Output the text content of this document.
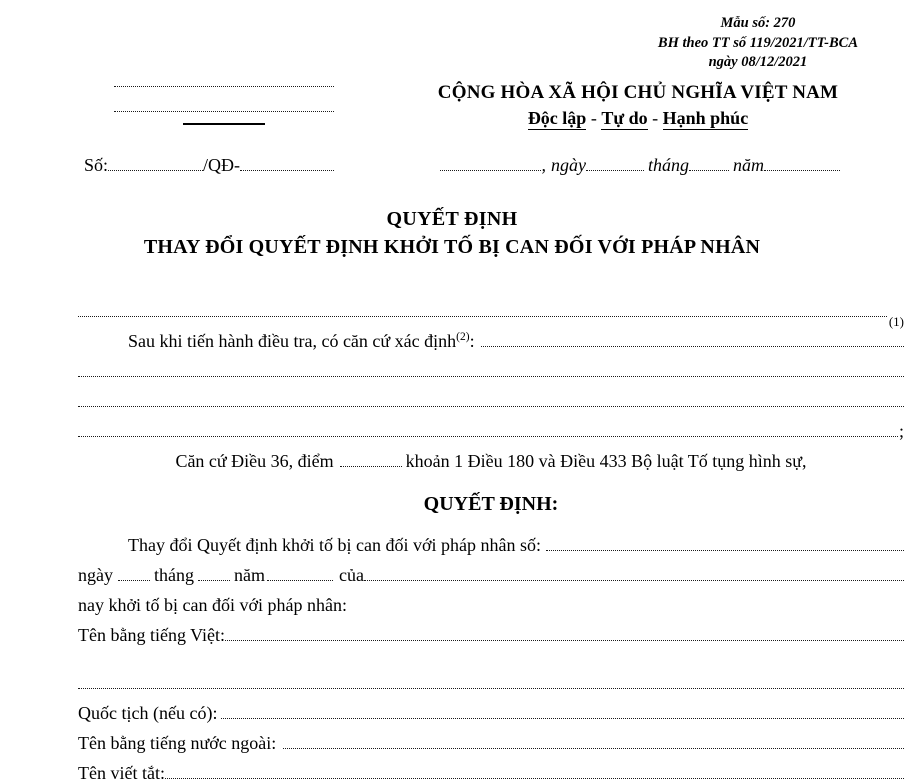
Mẫu số: 270
BH theo TT số 119/2021/TT-BCA
ngày 08/12/2021
CỘNG HÒA XÃ HỘI CHỦ NGHĨA VIỆT NAM
Độc lập - Tự do - Hạnh phúc
Số:	/QĐ-	, ngày	tháng năm
QUYẾT ĐỊNH
THAY ĐỔI QUYẾT ĐỊNH KHỞI TỐ BỊ CAN ĐỐI VỚI PHÁP NHÂN
(1)
Sau khi tiến hành điều tra, có căn cứ xác định$^{(2)}$:
;
Căn cứ Điều 36, điểm	khoản 1 Điều 180 và Điều 433 Bộ luật Tố tụng hình sự,
QUYẾT ĐỊNH:
Thay đổi Quyết định khởi tố bị can đối với pháp nhân số:
ngày tháng năm	của
nay khởi tố bị can đối với pháp nhân:
Tên bằng tiếng Việt:
Quốc tịch (nếu có):
Tên bằng tiếng nước ngoài:
Tên viết tắt:
